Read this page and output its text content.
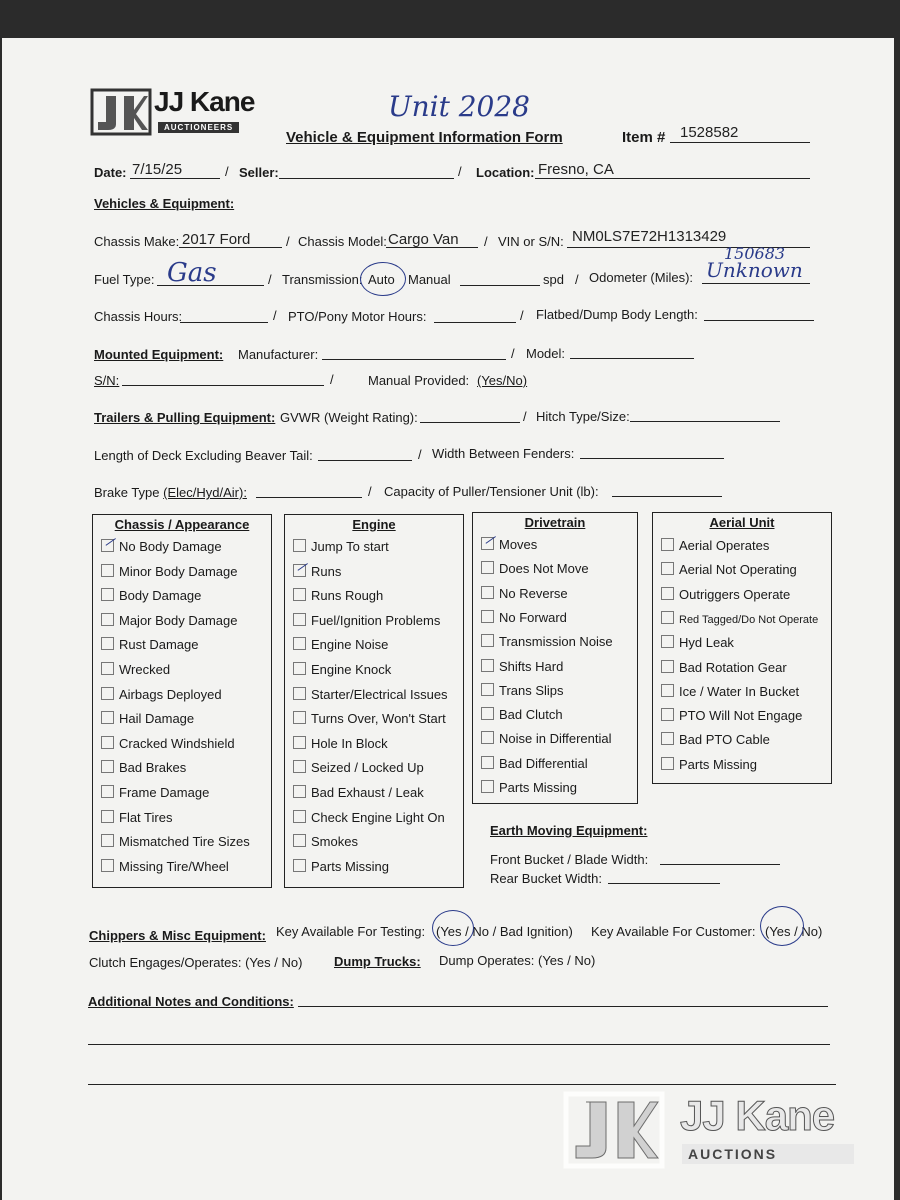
JJ Kane
AUCTIONEERS
Unit 2028
Vehicle & Equipment Information Form	Item # 1528582
Date: 7/15/25	/ Seller:	/ Location: Fresno, CA
Vehicles & Equipment:
Chassis Make: 2017 Ford	/ Chassis Model: Cargo Van / VIN or S/N: NM0LS7E72H1313429
Fuel Type: Gas	/ Transmission: Auto Manual	spd / Odometer (Miles):
150683
Unknown
Chassis Hours:	/ PTO/Pony Motor Hours:	/ Flatbed/Dump Body Length:
Mounted Equipment: Manufacturer:	/ Model:
S/N:	/	Manual Provided: (Yes/No)
Trailers & Pulling Equipment: GVWR (Weight Rating):	/ Hitch Type/Size:
Length of Deck Excluding Beaver Tail:	/ Width Between Fenders:
Brake Type (Elec/Hyd/Air):	/ Capacity of Puller/Tensioner Unit (lb):
Chassis / Appearance
No Body Damage
Minor Body Damage
Body Damage
Major Body Damage
Rust Damage
Wrecked
Airbags Deployed
Hail Damage
Cracked Windshield
Bad Brakes
Frame Damage
Flat Tires
Mismatched Tire Sizes
Missing Tire/Wheel
Engine
Jump To start
Runs
Runs Rough
Fuel/Ignition Problems
Engine Noise
Engine Knock
Starter/Electrical Issues
Turns Over, Won't Start
Hole In Block
Seized / Locked Up
Bad Exhaust / Leak
Check Engine Light On
Smokes
Parts Missing
Drivetrain
Moves
Does Not Move
No Reverse
No Forward
Transmission Noise
Shifts Hard
Trans Slips
Bad Clutch
Noise in Differential
Bad Differential
Parts Missing
Aerial Unit
Aerial Operates
Aerial Not Operating
Outriggers Operate
Red Tagged/Do Not Operate
Hyd Leak
Bad Rotation Gear
Ice / Water In Bucket
PTO Will Not Engage
Bad PTO Cable
Parts Missing
Earth Moving Equipment:
Front Bucket / Blade Width:
Rear Bucket Width:
Chippers & Misc Equipment: Key Available For Testing: (Yes / No / Bad Ignition) Key Available For Customer: (Yes / No)
Clutch Engages/Operates: (Yes / No) Dump Trucks: Dump Operates: (Yes / No)
Additional Notes and Conditions:
JJ Kane
AUCTIONS
